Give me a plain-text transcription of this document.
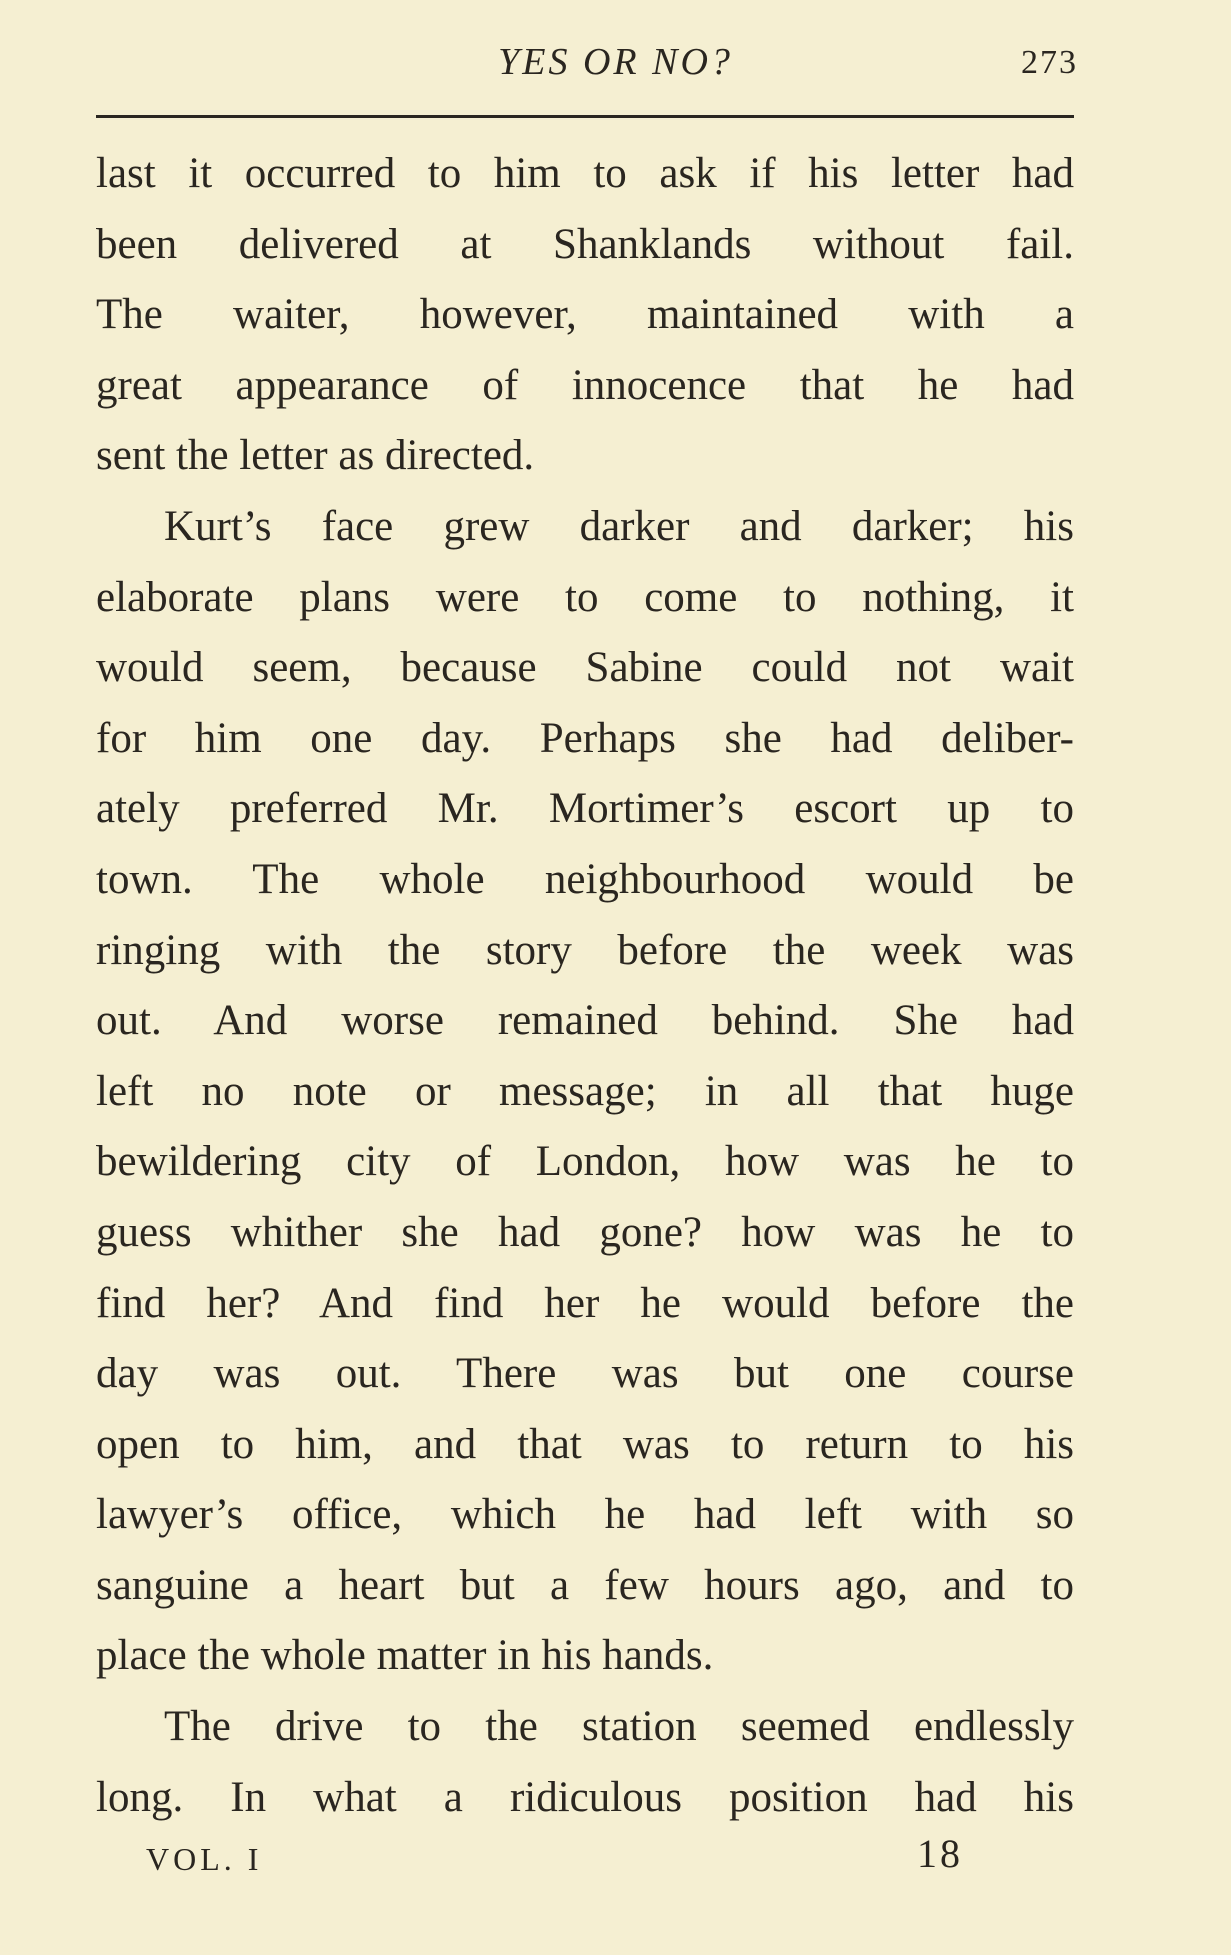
YES OR NO?	273
last it occurred to him to ask if his letter had
been delivered at Shanklands without fail.
The waiter, however, maintained with a
great appearance of innocence that he had
sent the letter as directed.
Kurt’s face grew darker and darker; his
elaborate plans were to come to nothing, it
would seem, because Sabine could not wait
for him one day. Perhaps she had deliber-
ately preferred Mr. Mortimer’s escort up to
town. The whole neighbourhood would be
ringing with the story before the week was
out. And worse remained behind. She had
left no note or message; in all that huge
bewildering city of London, how was he to
guess whither she had gone? how was he to
find her? And find her he would before the
day was out. There was but one course
open to him, and that was to return to his
lawyer’s office, which he had left with so
sanguine a heart but a few hours ago, and to
place the whole matter in his hands.
The drive to the station seemed endlessly
long. In what a ridiculous position had his
VOL. I	18
